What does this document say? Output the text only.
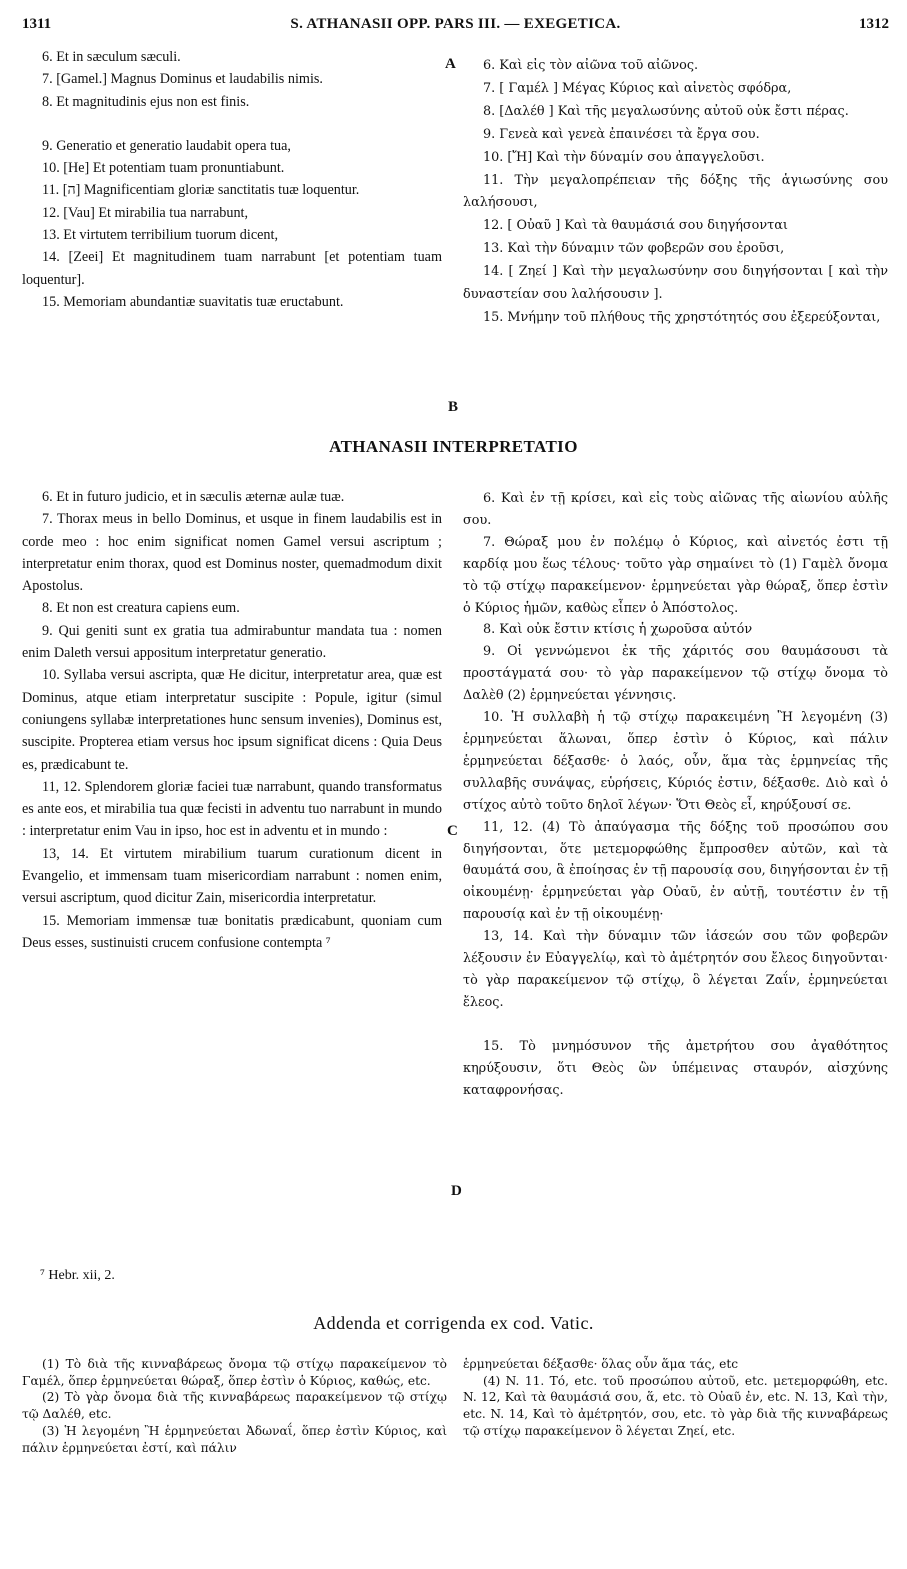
1311	S. ATHANASII OPP. PARS III. — EXEGETICA.	1312

6. Et in sæculum sæculi.

7. [Gamel.] Magnus Dominus et laudabilis nimis.

8. Et magnitudinis ejus non est finis.

9. Generatio et generatio laudabit opera tua,

10. [He] Et potentiam tuam pronuntiabunt.

11. [ה] Magnificentiam gloriæ sanctitatis tuæ loquentur.

12. [Vau] Et mirabilia tua narrabunt,

13. Et virtutem terribilium tuorum dicent,

14. [Zeei] Et magnitudinem tuam narrabunt [et potentiam tuam loquentur].

15. Memoriam abundantiæ suavitatis tuæ eructabunt.

A	6. Καὶ εἰς τὸν αἰῶνα τοῦ αἰῶνος.

7. [ Γαμέλ ] Μέγας Κύριος καὶ αἰνετὸς σφόδρα,

8. [Δαλέθ ] Καὶ τῆς μεγαλωσύνης αὐτοῦ οὐκ ἔστι πέρας.

9. Γενεὰ καὶ γενεὰ ἐπαινέσει τὰ ἔργα σου.

10. [Ἤ] Καὶ τὴν δύναμίν σου ἀπαγγελοῦσι.

11. Τὴν μεγαλοπρέπειαν τῆς δόξης τῆς ἁγιωσύνης σου λαλήσουσι,

12. [ Οὐαῦ ] Καὶ τὰ θαυμάσιά σου διηγήσονται

13. Καὶ τὴν δύναμιν τῶν φοβερῶν σου ἐροῦσι,

14. [ Ζηεί ] Καὶ τὴν μεγαλωσύνην σου διηγήσονται [ καὶ τὴν δυναστείαν σου λαλήσουσιν ].

15. Μνήμην τοῦ πλήθους τῆς χρηστότητός σου ἐξερεύξονται,

B
ATHANASII INTERPRETATIO

6. Et in futuro judicio, et in sæculis æternæ aulæ tuæ.

7. Thorax meus in bello Dominus, et usque in finem laudabilis est in corde meo : hoc enim significat nomen Gamel versui ascriptum ; interpretatur enim thorax, quod est Dominus noster, quemadmodum dixit Apostolus.

8. Et non est creatura capiens eum.

9. Qui geniti sunt ex gratia tua admirabuntur mandata tua : nomen enim Daleth versui appositum interpretatur generatio.

10. Syllaba versui ascripta, quæ He dicitur, interpretatur area, quæ est Dominus, atque etiam interpretatur suscipite : Popule, igitur (simul coniungens syllabæ interpretationes hunc sensum invenies), Dominus est, suscipite. Propterea etiam versus hoc ipsum significat dicens : Quia Deus es, prædicabunt te.

11, 12. Splendorem gloriæ faciei tuæ narrabunt, quando transformatus es ante eos, et mirabilia tua quæ fecisti in adventu tuo narrabunt in mundo : interpretatur enim Vau in ipso, hoc est in adventu et in mundo :

13, 14. Et virtutem mirabilium tuarum curationum dicent in Evangelio, et immensam tuam misericordiam narrabunt : nomen enim, versui ascriptum, quod dicitur Zain, misericordia interpretatur.

15. Memoriam immensæ tuæ bonitatis prædicabunt, quoniam cum Deus esses, sustinuisti crucem confusione contempta ⁷

C

6. Καὶ ἐν τῇ κρίσει, καὶ εἰς τοὺς αἰῶνας τῆς αἰωνίου αὐλῆς σου.

7. Θώραξ μου ἐν πολέμῳ ὁ Κύριος, καὶ αἰνετός ἐστι τῇ καρδίᾳ μου ἕως τέλους· τοῦτο γὰρ σημαίνει τὸ (1) Γαμὲλ ὄνομα τὸ τῷ στίχῳ παρακείμενον· ἑρμηνεύεται γὰρ θώραξ, ὅπερ ἐστὶν ὁ Κύριος ἡμῶν, καθὼς εἶπεν ὁ Ἀπόστολος.

8. Καὶ οὐκ ἔστιν κτίσις ἡ χωροῦσα αὐτόν

9. Οἱ γεννώμενοι ἐκ τῆς χάριτός σου θαυμάσουσι τὰ προστάγματά σου· τὸ γὰρ παρακείμενον τῷ στίχῳ ὄνομα τὸ Δαλὲθ (2) ἑρμηνεύεται γέννησις.

10. Ἡ συλλαβὴ ἡ τῷ στίχῳ παρακειμένη Ἢ λεγομένη (3) ἑρμηνεύεται ἅλωναι, ὅπερ ἐστὶν ὁ Κύριος, καὶ πάλιν ἑρμηνεύεται δέξασθε· ὁ λαός, οὖν, ἅμα τὰς ἑρμηνείας τῆς συλλαβῆς συνάψας, εὑρήσεις, Κύριός ἐστιν, δέξασθε. Διὸ καὶ ὁ στίχος αὐτὸ τοῦτο δηλοῖ λέγων· Ὅτι Θεὸς εἶ, κηρύξουσί σε.

11, 12. (4) Τὸ ἀπαύγασμα τῆς δόξης τοῦ προσώπου σου διηγήσονται, ὅτε μετεμορφώθης ἔμπροσθεν αὐτῶν, καὶ τὰ θαυμάτά σου, ἃ ἐποίησας ἐν τῇ παρουσίᾳ σου, διηγήσονται ἐν τῇ οἰκουμένῃ· ἑρμηνεύεται γὰρ Οὐαῦ, ἐν αὐτῇ, τουτέστιν ἐν τῇ παρουσίᾳ καὶ ἐν τῇ οἰκουμένῃ·

13, 14. Καὶ τὴν δύναμιν τῶν ἰάσεών σου τῶν φοβερῶν λέξουσιν ἐν Εὐαγγελίῳ, καὶ τὸ ἀμέτρητόν σου ἔλεος διηγοῦνται· τὸ γὰρ παρακείμενον τῷ στίχῳ, ὃ λέγεται Ζαΐν, ἑρμηνεύεται ἔλεος.

15. Τὸ μνημόσυνον τῆς ἀμετρήτου σου ἀγαθότητος κηρύξουσιν, ὅτι Θεὸς ὢν ὑπέμεινας σταυρόν, αἰσχύνης καταφρονήσας.

D
⁷ Hebr. xii, 2.
Addenda et corrigenda ex cod. Vatic.

(1) Τὸ διὰ τῆς κινναβάρεως ὄνομα τῷ στίχῳ παρακείμενον τὸ Γαμέλ, ὅπερ ἑρμηνεύεται θώραξ, ὅπερ ἐστὶν ὁ Κύριος, καθώς, etc.

(2) Τὸ γὰρ ὄνομα διὰ τῆς κινναβάρεως παρακείμενον τῷ στίχῳ τῷ Δαλέθ, etc.

(3) Ἡ λεγομένη Ἢ ἑρμηνεύεται Ἀδωναΐ, ὅπερ ἐστὶν Κύριος, καὶ πάλιν ἑρμηνεύεται ἐστί, καὶ πάλιν

ἑρμηνεύεται δέξασθε· ὅλας οὖν ἅμα τάς, etc

(4) N. 11. Τό, etc. τοῦ προσώπου αὐτοῦ, etc. μετεμορφώθη, etc. N. 12, Καὶ τὰ θαυμάσιά σου, ἅ, etc. τὸ Οὐαῦ ἐν, etc. N. 13, Καὶ τὴν, etc. N. 14, Καὶ τὸ ἀμέτρητόν, σου, etc. τὸ γὰρ διὰ τῆς κινναβάρεως τῷ στίχῳ παρακείμενον ὃ λέγεται Ζηεί, etc.
